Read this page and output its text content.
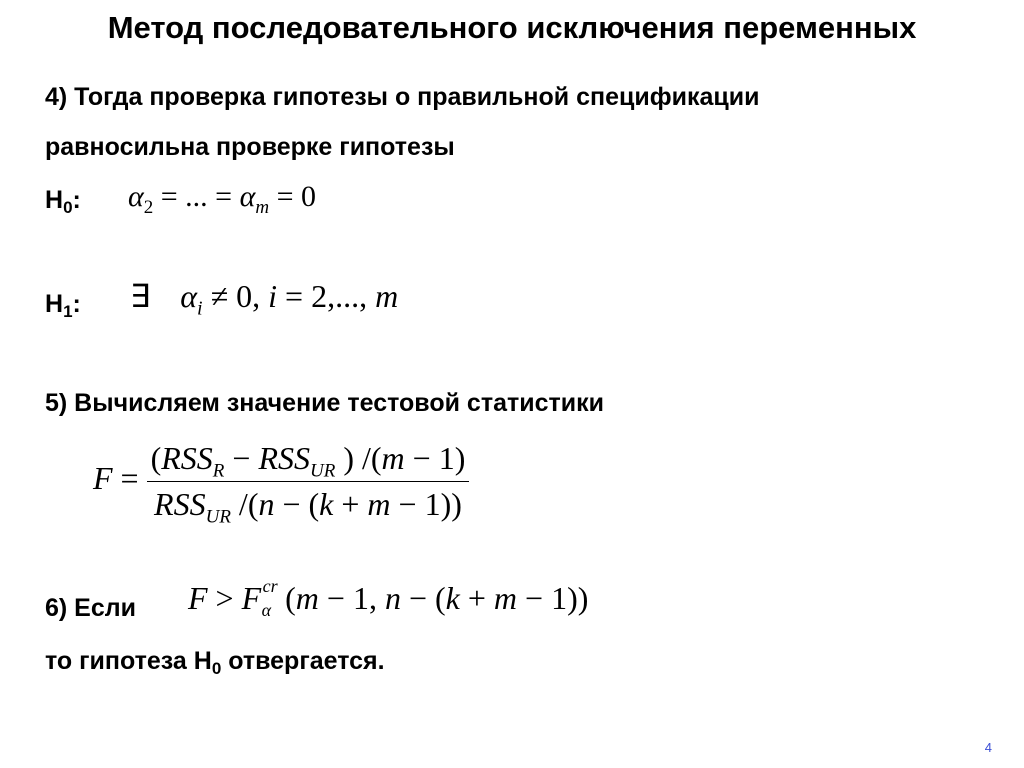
Метод последовательного исключения переменных
4) Тогда проверка гипотезы о правильной спецификации
равносильна проверке гипотезы
$H_0$: $\alpha_2$ = ... = $\alpha_m = 0$
$H_1$: ∃ $\alpha_i \ne 0$, i = 2,..., m
5) Вычисляем значение тестовой статистики
$F = \frac{(RSS_R - RSS_{UR} ) /(m - 1)}{RSS_{UR} /(n - (k + m - 1))}$
6) Если F > F cr
α (m − 1, n − (k + m − 1))
то гипотеза $Н_0$ отвергается.
4
